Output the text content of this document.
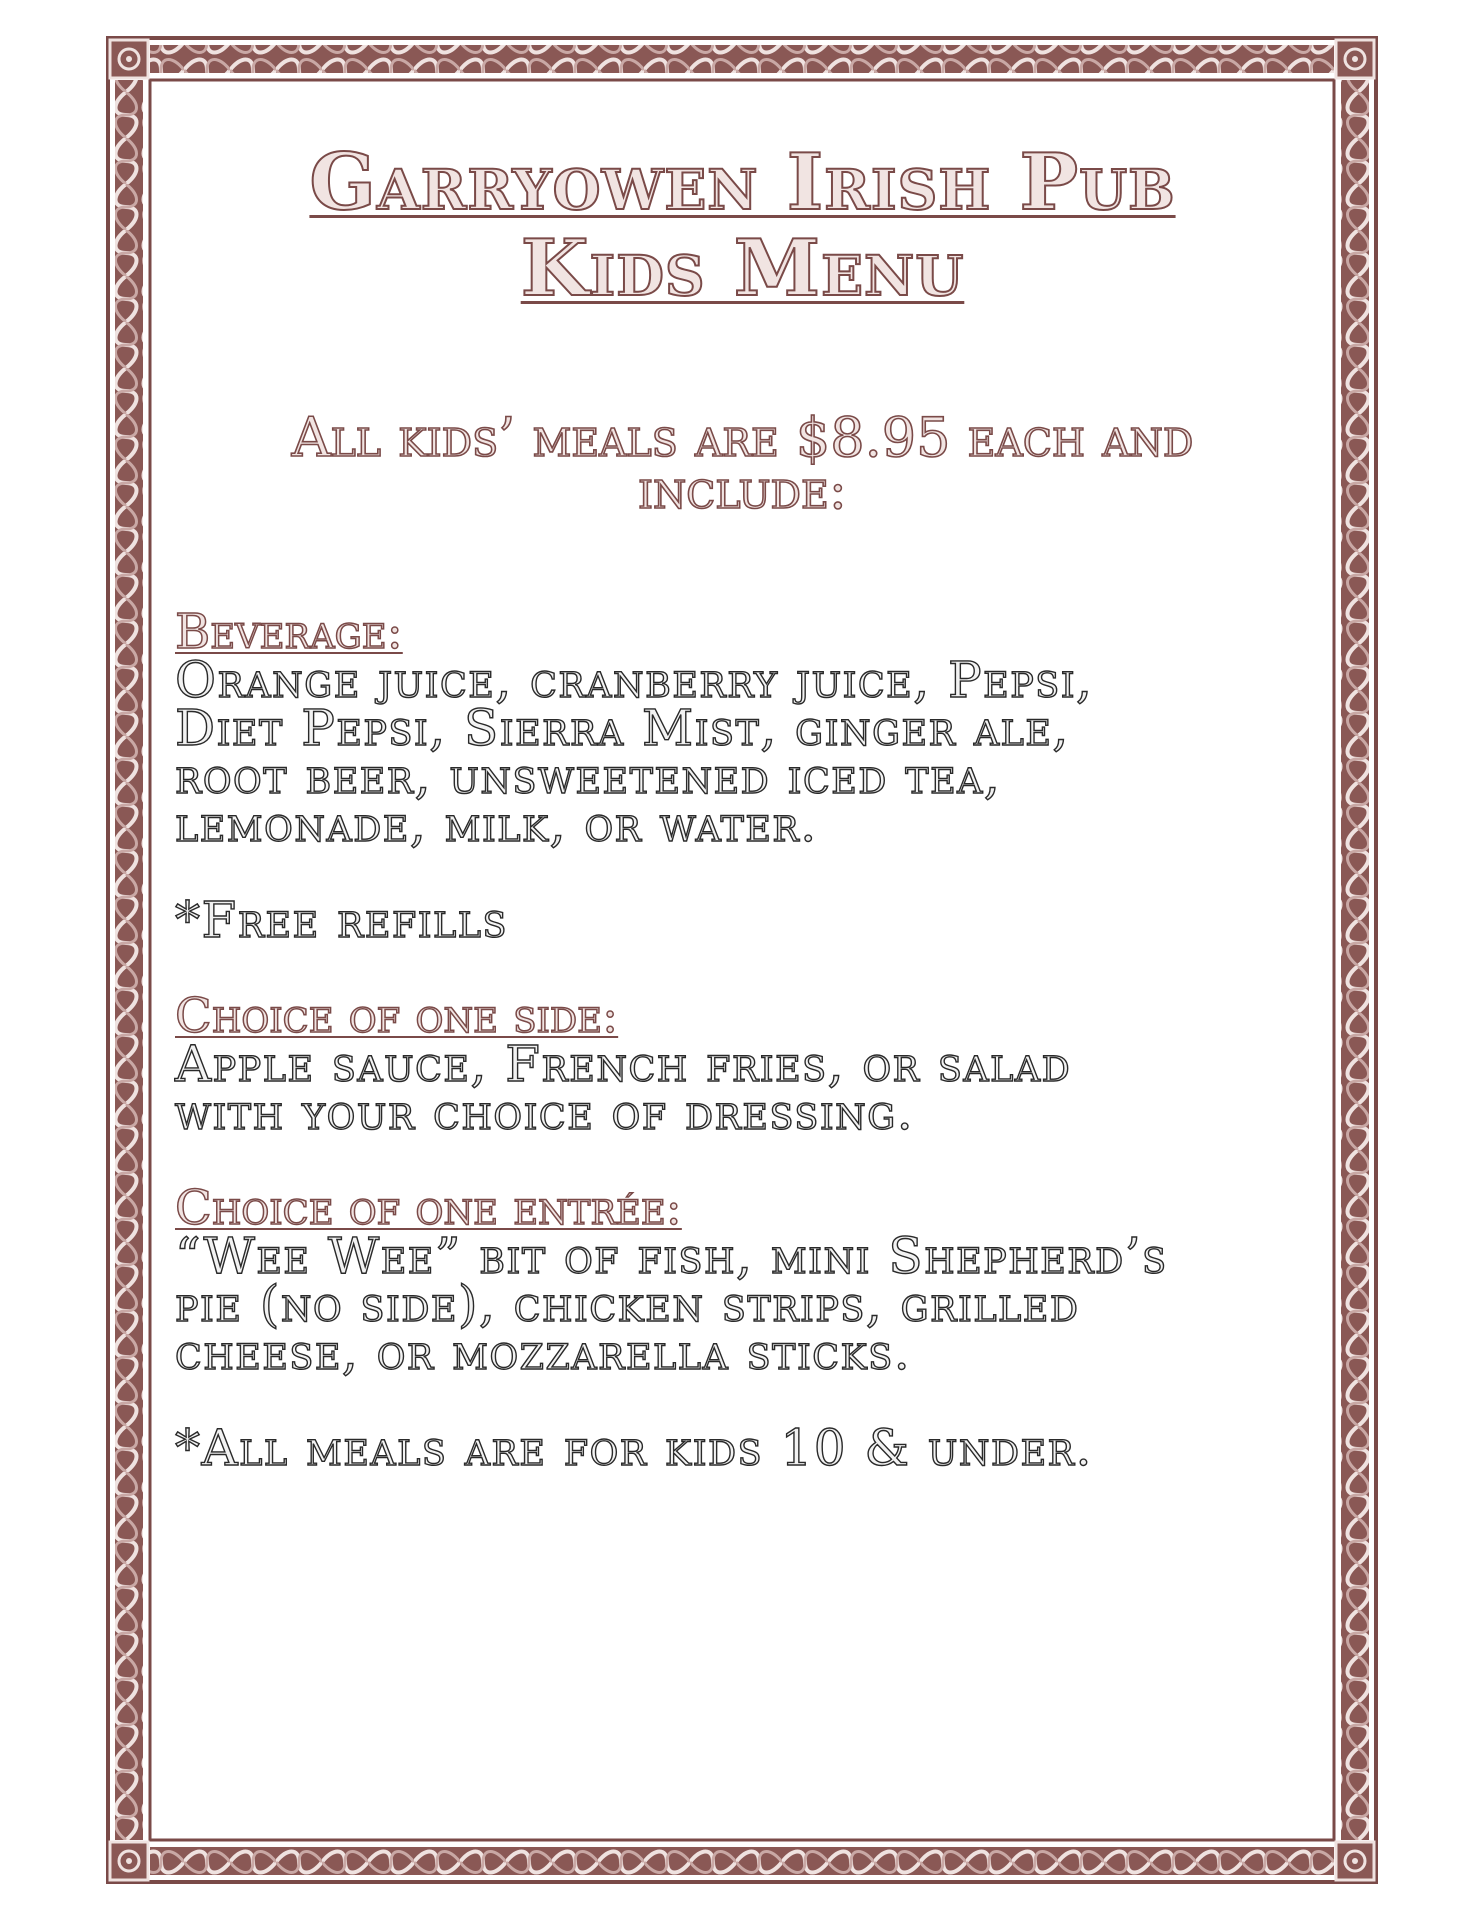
Garryowen Irish Pub
Kids Menu
All kids’ meals are $8.95 each and include:
Beverage:
Orange juice, cranberry juice, Pepsi,
Diet Pepsi, Sierra Mist, ginger ale,
root beer, unsweetened iced tea,
lemonade, milk, or water.
*Free refills
Choice of one side:
Apple sauce, French fries, or salad
with your choice of dressing.
Choice of one entrée:
“Wee Wee” bit of fish, mini Shepherd’s
pie (no side), chicken strips, grilled
cheese, or mozzarella sticks.
*All meals are for kids 10 & under.
